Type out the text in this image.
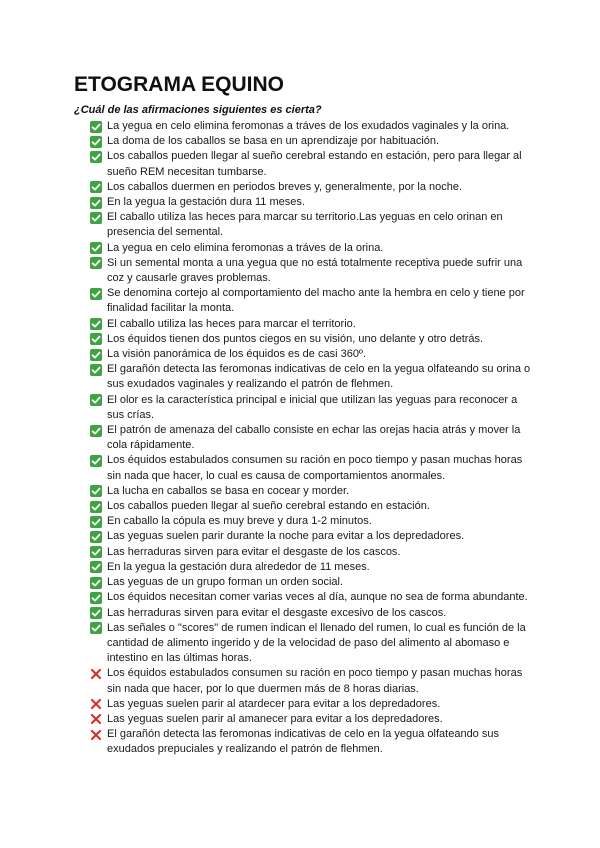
ETOGRAMA EQUINO

¿Cuál de las afirmaciones siguientes es cierta?

La yegua en celo elimina feromonas a tráves de los exudados vaginales y la orina.
La doma de los caballos se basa en un aprendizaje por habituación.
Los caballos pueden llegar al sueño cerebral estando en estación, pero para llegar al sueño REM necesitan tumbarse.
Los caballos duermen en periodos breves y, generalmente, por la noche.
En la yegua la gestación dura 11 meses.
El caballo utiliza las heces para marcar su territorio.Las yeguas en celo orinan en presencia del semental.
La yegua en celo elimina feromonas a tráves de la orina.
Si un semental monta a una yegua que no está totalmente receptiva puede sufrir una coz y causarle graves problemas.
Se denomina cortejo al comportamiento del macho ante la hembra en celo y tiene por finalidad facilitar la monta.
El caballo utiliza las heces para marcar el territorio.
Los équidos tienen dos puntos ciegos en su visión, uno delante y otro detrás.
La visión panorámica de los équidos es de casi 360º.
El garañón detecta las feromonas indicativas de celo en la yegua olfateando su orina o sus exudados vaginales y realizando el patrón de flehmen.
El olor es la característica principal e inicial que utilizan las yeguas para reconocer a sus crías.
El patrón de amenaza del caballo consiste en echar las orejas hacia atrás y mover la cola rápidamente.
Los équidos estabulados consumen su ración en poco tiempo y pasan muchas horas sin nada que hacer, lo cual es causa de comportamientos anormales.
La lucha en caballos se basa en cocear y morder.
Los caballos pueden llegar al sueño cerebral estando en estación.
En caballo la cópula es muy breve y dura 1-2 minutos.
Las yeguas suelen parir durante la noche para evitar a los depredadores.
Las herraduras sirven para evitar el desgaste de los cascos.
En la yegua la gestación dura alrededor de 11 meses.
Las yeguas de un grupo forman un orden social.
Los équidos necesitan comer varias veces al día, aunque no sea de forma abundante.
Las herraduras sirven para evitar el desgaste excesivo de los cascos.
Las señales o "scores" de rumen indican el llenado del rumen, lo cual es función de la cantidad de alimento ingerido y de la velocidad de paso del alimento al abomaso e intestino en las últimas horas.
Los équidos estabulados consumen su ración en poco tiempo y pasan muchas horas sin nada que hacer, por lo que duermen más de 8 horas diarias.
Las yeguas suelen parir al atardecer para evitar a los depredadores.
Las yeguas suelen parir al amanecer para evitar a los depredadores.
El garañón detecta las feromonas indicativas de celo en la yegua olfateando sus exudados prepuciales y realizando el patrón de flehmen.
